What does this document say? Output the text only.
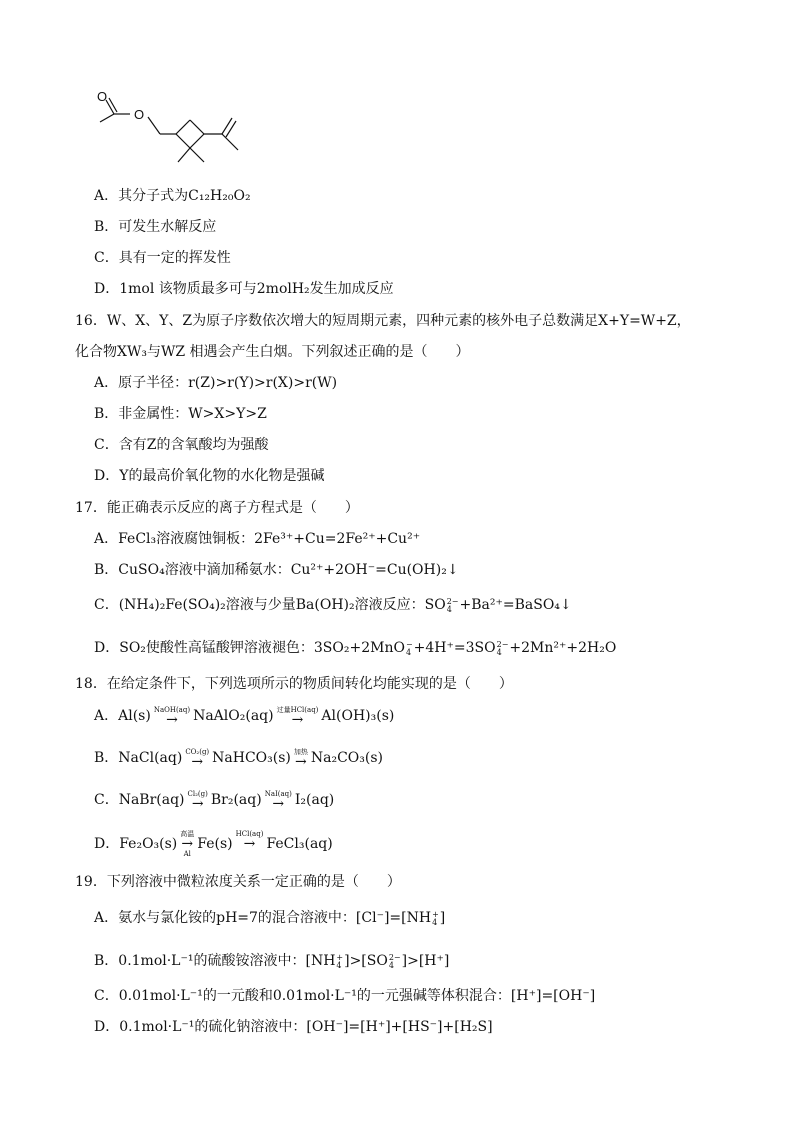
O
O
A．其分子式为C₁₂H₂₀O₂
B．可发生水解反应
C．具有一定的挥发性
D．1mol 该物质最多可与2molH₂发生加成反应
16．W、X、Y、Z为原子序数依次增大的短周期元素，四种元素的核外电子总数满足X+Y=W+Z，
化合物XW₃与WZ 相遇会产生白烟。下列叙述正确的是（　　）
A．原子半径：r(Z)>r(Y)>r(X)>r(W)
B．非金属性：W>X>Y>Z
C．含有Z的含氧酸均为强酸
D．Y的最高价氧化物的水化物是强碱
17．能正确表示反应的离子方程式是（　　）
A．FeCl₃溶液腐蚀铜板：2Fe³⁺+Cu=2Fe²⁺+Cu²⁺
B．CuSO₄溶液中滴加稀氨水：Cu²⁺+2OH⁻=Cu(OH)₂↓
C．(NH₄)₂Fe(SO₄)₂溶液与少量Ba(OH)₂溶液反应：SO 2−
4 +Ba²⁺=BaSO₄↓
D．SO₂使酸性高锰酸钾溶液褪色：3SO₂+2MnO −
4 +4H⁺=3SO 2−
4 +2Mn²⁺+2H₂O
18．在给定条件下，下列选项所示的物质间转化均能实现的是（　　）
A．Al(s) NaOH(aq)
→ NaAlO₂(aq) 过量HCl(aq)
→ Al(OH)₃(s)
B．NaCl(aq) CO₂(g)
→ NaHCO₃(s) 加热
→ Na₂CO₃(s)
C．NaBr(aq) Cl₂(g)
→ Br₂(aq) NaI(aq)
→ I₂(aq)
D．Fe₂O₃(s)
高温
→
Al
Fe(s)
HCl(aq)
→
FeCl₃(aq)
19．下列溶液中微粒浓度关系一定正确的是（　　）
A．氨水与氯化铵的pH=7的混合溶液中：[Cl⁻]=[NH +
4 ]
B．0.1mol·L⁻¹的硫酸铵溶液中：[NH +
4 ]>[SO 2−
4 ]>[H⁺]
C．0.01mol·L⁻¹的一元酸和0.01mol·L⁻¹的一元强碱等体积混合：[H⁺]=[OH⁻]
D．0.1mol·L⁻¹的硫化钠溶液中：[OH⁻]=[H⁺]+[HS⁻]+[H₂S]
